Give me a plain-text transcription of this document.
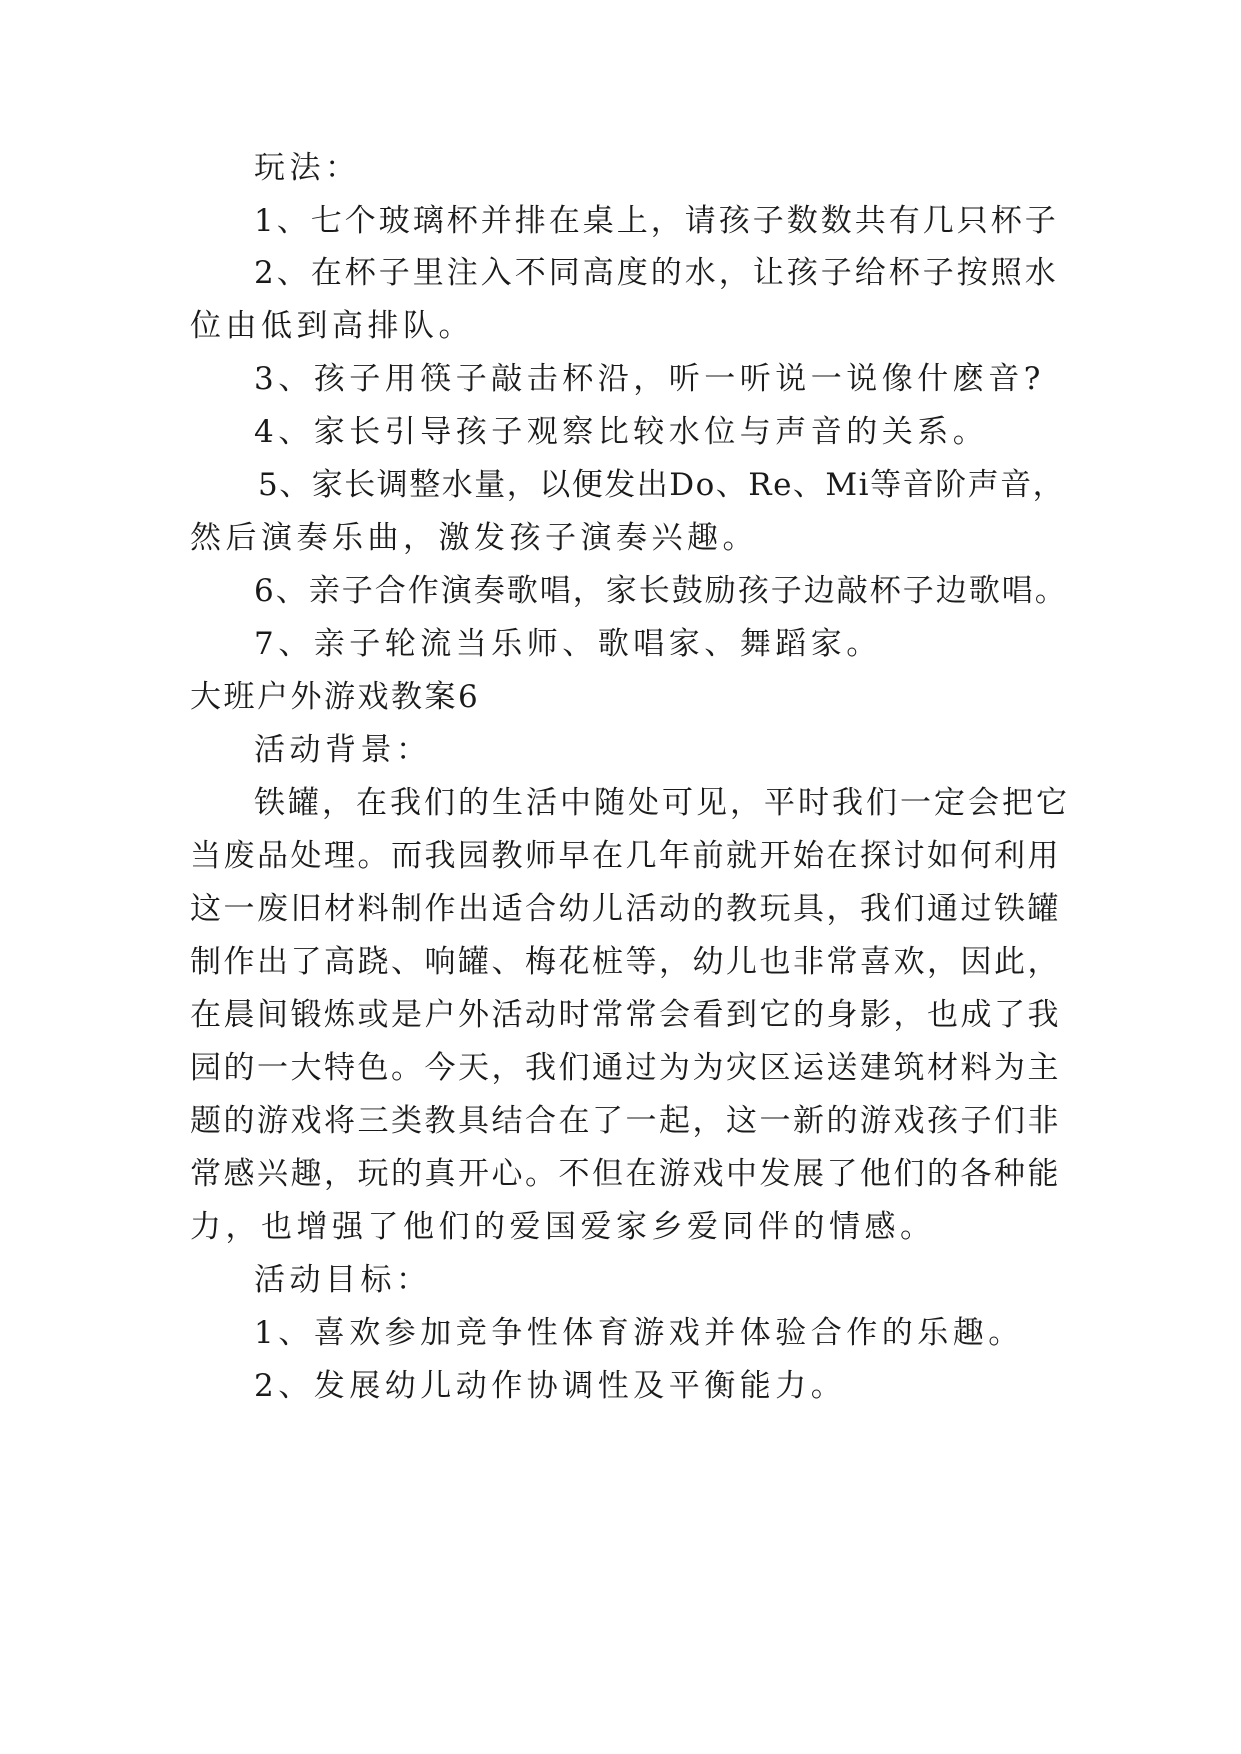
玩法：
1、七个玻璃杯并排在桌上，请孩子数数共有几只杯子
2、在杯子里注入不同高度的水，让孩子给杯子按照水
位由低到高排队。
3、孩子用筷子敲击杯沿，听一听说一说像什麽音?
4、家长引导孩子观察比较水位与声音的关系。
5、家长调整水量，以便发出Do、Re、Mi等音阶声音，
然后演奏乐曲，激发孩子演奏兴趣。
6、亲子合作演奏歌唱，家长鼓励孩子边敲杯子边歌唱。
7、亲子轮流当乐师、歌唱家、舞蹈家。
大班户外游戏教案6
活动背景：
铁罐，在我们的生活中随处可见，平时我们一定会把它
当废品处理。而我园教师早在几年前就开始在探讨如何利用
这一废旧材料制作出适合幼儿活动的教玩具，我们通过铁罐
制作出了高跷、响罐、梅花桩等，幼儿也非常喜欢，因此，
在晨间锻炼或是户外活动时常常会看到它的身影，也成了我
园的一大特色。今天，我们通过为为灾区运送建筑材料为主
题的游戏将三类教具结合在了一起，这一新的游戏孩子们非
常感兴趣，玩的真开心。不但在游戏中发展了他们的各种能
力，也增强了他们的爱国爱家乡爱同伴的情感。
活动目标：
1、喜欢参加竞争性体育游戏并体验合作的乐趣。
2、发展幼儿动作协调性及平衡能力。
